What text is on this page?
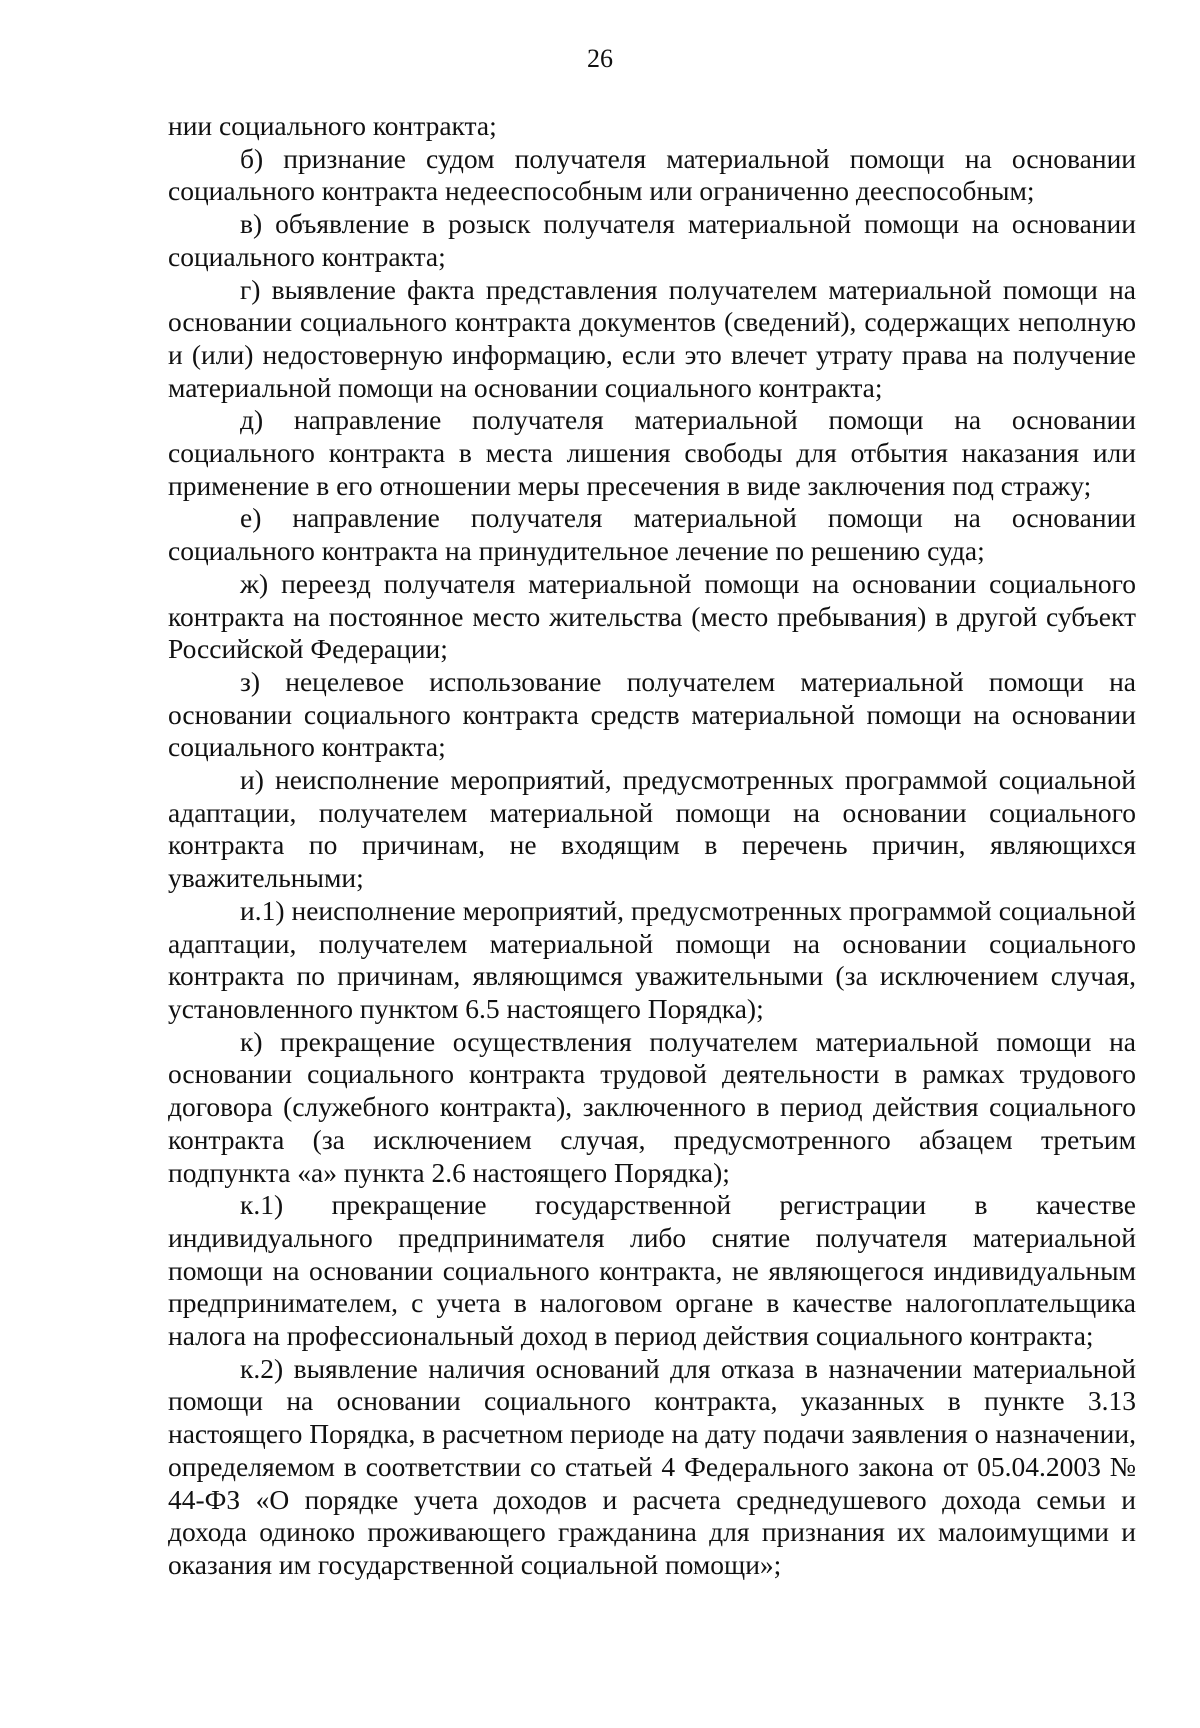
26

нии социального контракта;

б) признание судом получателя материальной помощи на основании социального контракта недееспособным или ограниченно дееспособным;

в) объявление в розыск получателя материальной помощи на основании социального контракта;

г) выявление факта представления получателем материальной помощи на основании социального контракта документов (сведений), содержащих неполную и (или) недостоверную информацию, если это влечет утрату права на получение материальной помощи на основании социального контракта;

д) направление получателя материальной помощи на основании социального контракта в места лишения свободы для отбытия наказания или применение в его отношении меры пресечения в виде заключения под стражу;

е) направление получателя материальной помощи на основании социального контракта на принудительное лечение по решению суда;

ж) переезд получателя материальной помощи на основании социального контракта на постоянное место жительства (место пребывания) в другой субъект Российской Федерации;

з) нецелевое использование получателем материальной помощи на основании социального контракта средств материальной помощи на основании социального контракта;

и) неисполнение мероприятий, предусмотренных программой социальной адаптации, получателем материальной помощи на основании социального контракта по причинам, не входящим в перечень причин, являющихся уважительными;

и.1) неисполнение мероприятий, предусмотренных программой социальной адаптации, получателем материальной помощи на основании социального контракта по причинам, являющимся уважительными (за исключением случая, установленного пунктом 6.5 настоящего Порядка);

к) прекращение осуществления получателем материальной помощи на основании социального контракта трудовой деятельности в рамках трудового договора (служебного контракта), заключенного в период действия социального контракта (за исключением случая, предусмотренного абзацем третьим подпункта «а» пункта 2.6 настоящего Порядка);

к.1) прекращение государственной регистрации в качестве индивидуального предпринимателя либо снятие получателя материальной помощи на основании социального контракта, не являющегося индивидуальным предпринимателем, с учета в налоговом органе в качестве налогоплательщика налога на профессиональный доход в период действия социального контракта;

к.2) выявление наличия оснований для отказа в назначении материальной помощи на основании социального контракта, указанных в пункте 3.13 настоящего Порядка, в расчетном периоде на дату подачи заявления о назначении, определяемом в соответствии со статьей 4 Федерального закона от 05.04.2003 № 44-ФЗ «О порядке учета доходов и расчета среднедушевого дохода семьи и дохода одиноко проживающего гражданина для признания их малоимущими и оказания им государственной социальной помощи»;
